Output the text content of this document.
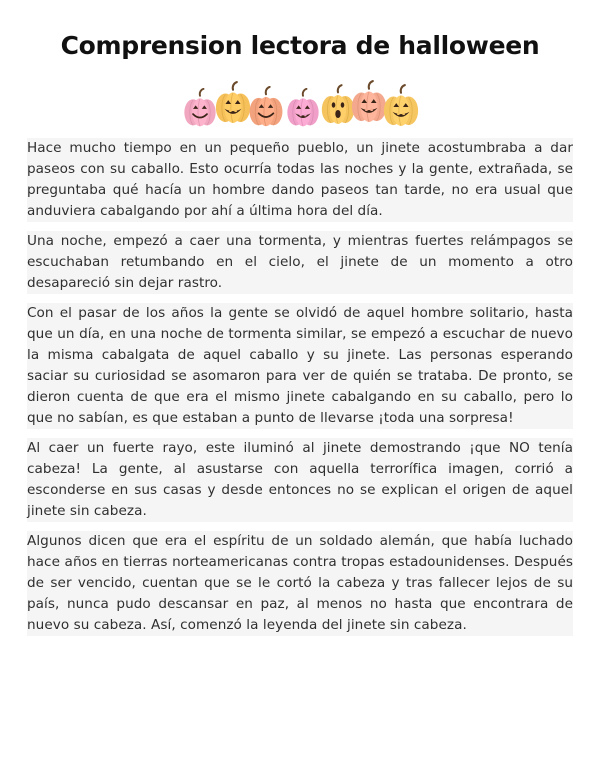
Comprension lectora de halloween

Hace mucho tiempo en un pequeño pueblo, un jinete acostumbraba a dar paseos con su caballo. Esto ocurría todas las noches y la gente, extrañada, se preguntaba qué hacía un hombre dando paseos tan tarde, no era usual que anduviera cabalgando por ahí a última hora del día.

Una noche, empezó a caer una tormenta, y mientras fuertes relámpagos se escuchaban retumbando en el cielo, el jinete de un momento a otro desapareció sin dejar rastro.

Con el pasar de los años la gente se olvidó de aquel hombre solitario, hasta que un día, en una noche de tormenta similar, se empezó a escuchar de nuevo la misma cabalgata de aquel caballo y su jinete. Las personas esperando saciar su curiosidad se asomaron para ver de quién se trataba. De pronto, se dieron cuenta de que era el mismo jinete cabalgando en su caballo, pero lo que no sabían, es que estaban a punto de llevarse ¡toda una sorpresa!

Al caer un fuerte rayo, este iluminó al jinete demostrando ¡que NO tenía cabeza! La gente, al asustarse con aquella terrorífica imagen, corrió a esconderse en sus casas y desde entonces no se explican el origen de aquel jinete sin cabeza.

Algunos dicen que era el espíritu de un soldado alemán, que había luchado hace años en tierras norteamericanas contra tropas estadounidenses. Después de ser vencido, cuentan que se le cortó la cabeza y tras fallecer lejos de su país, nunca pudo descansar en paz, al menos no hasta que encontrara de nuevo su cabeza. Así, comenzó la leyenda del jinete sin cabeza.
